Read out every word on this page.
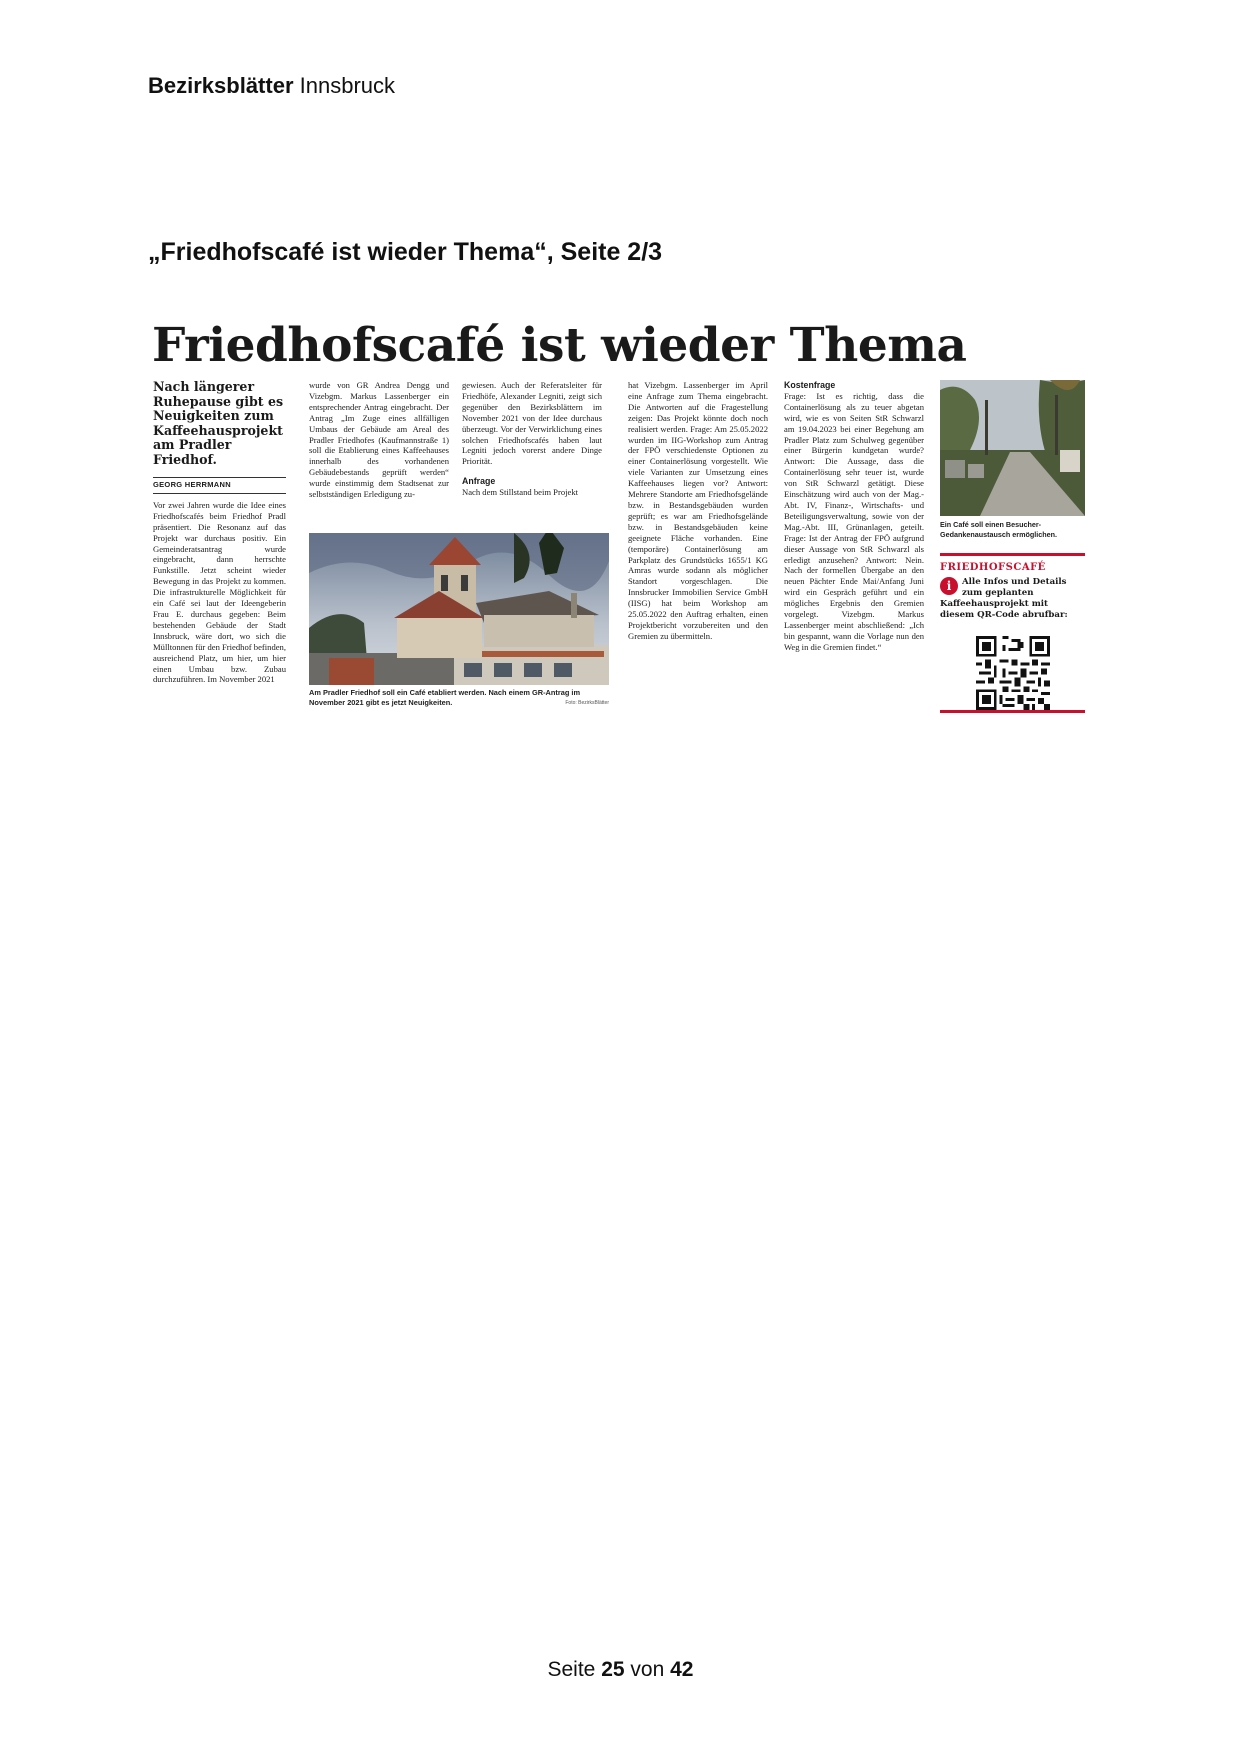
Bezirksblätter Innsbruck
„Friedhofscafé ist wieder Thema“, Seite 2/3
Friedhofscafé ist wieder Thema
Nach längerer Ruhepause gibt es Neuigkeiten zum Kaffeehausprojekt am Pradler Friedhof.
GEORG HERRMANN
Vor zwei Jahren wurde die Idee eines Friedhofscafés beim Friedhof Pradl präsentiert. Die Resonanz auf das Projekt war durchaus positiv. Ein Gemeinderatsantrag wurde eingebracht, dann herrschte Funkstille. Jetzt scheint wieder Bewegung in das Projekt zu kommen. Die infrastrukturelle Möglichkeit für ein Café sei laut der Ideengeberin Frau E. durchaus gegeben: Beim bestehenden Gebäude der Stadt Innsbruck, wäre dort, wo sich die Mülltonnen für den Friedhof befinden, ausreichend Platz, um hier, um hier einen Umbau bzw. Zubau durchzuführen. Im November 2021
wurde von GR Andrea Dengg und Vizebgm. Markus Lassenberger ein entsprechender Antrag eingebracht. Der Antrag „Im Zuge eines allfälligen Umbaus der Gebäude am Areal des Pradler Friedhofes (Kaufmannstraße 1) soll die Etablierung eines Kaffeehauses innerhalb des vorhandenen Gebäudebestands geprüft werden“ wurde einstimmig dem Stadtsenat zur selbstständigen Erledigung zu-
gewiesen. Auch der Referatsleiter für Friedhöfe, Alexander Legniti, zeigt sich gegenüber den Bezirksblättern im November 2021 von der Idee durchaus überzeugt. Vor der Verwirklichung eines solchen Friedhofscafés haben laut Legniti jedoch vorerst andere Dinge Priorität.
Anfrage
Nach dem Stillstand beim Projekt
Am Pradler Friedhof soll ein Café etabliert werden. Nach einem GR-Antrag im November 2021 gibt es jetzt Neuigkeiten.	Foto: BezirksBlätter
hat Vizebgm. Lassenberger im April eine Anfrage zum Thema eingebracht. Die Antworten auf die Fragestellung zeigen: Das Projekt könnte doch noch realisiert werden. Frage: Am 25.05.2022 wurden im IIG-Workshop zum Antrag der FPÖ verschiedenste Optionen zu einer Containerlösung vorgestellt. Wie viele Varianten zur Umsetzung eines Kaffeehauses liegen vor? Antwort: Mehrere Standorte am Friedhofsgelände bzw. in Bestandsgebäuden wurden geprüft; es war am Friedhofsgelände bzw. in Bestandsgebäuden keine geeignete Fläche vorhanden. Eine (temporäre) Containerlösung am Parkplatz des Grundstücks 1655/1 KG Amras wurde sodann als möglicher Standort vorgeschlagen. Die Innsbrucker Immobilien Service GmbH (IISG) hat beim Workshop am 25.05.2022 den Auftrag erhalten, einen Projektbericht vorzubereiten und den Gremien zu übermitteln.
Kostenfrage
Frage: Ist es richtig, dass die Containerlösung als zu teuer abgetan wird, wie es von Seiten StR Schwarzl am 19.04.2023 bei einer Begehung am Pradler Platz zum Schulweg gegenüber einer Bürgerin kundgetan wurde? Antwort: Die Aussage, dass die Containerlösung sehr teuer ist, wurde von StR Schwarzl getätigt. Diese Einschätzung wird auch von der Mag.-Abt. IV, Finanz-, Wirtschafts- und Beteiligungsverwaltung, sowie von der Mag.-Abt. III, Grünanlagen, geteilt. Frage: Ist der Antrag der FPÖ aufgrund dieser Aussage von StR Schwarzl als erledigt anzusehen? Antwort: Nein. Nach der formellen Übergabe an den neuen Pächter Ende Mai/Anfang Juni wird ein Gespräch geführt und ein mögliches Ergebnis den Gremien vorgelegt. Vizebgm. Markus Lassenberger meint abschließend: „Ich bin gespannt, wann die Vorlage nun den Weg in die Gremien findet.“
Ein Café soll einen Besucher-Gedankenaustausch ermöglichen.
FRIEDHOFSCAFÉ
i	Alle Infos und Details zum geplanten Kaffeehausprojekt mit diesem QR-Code abrufbar:
Seite 25 von 42
